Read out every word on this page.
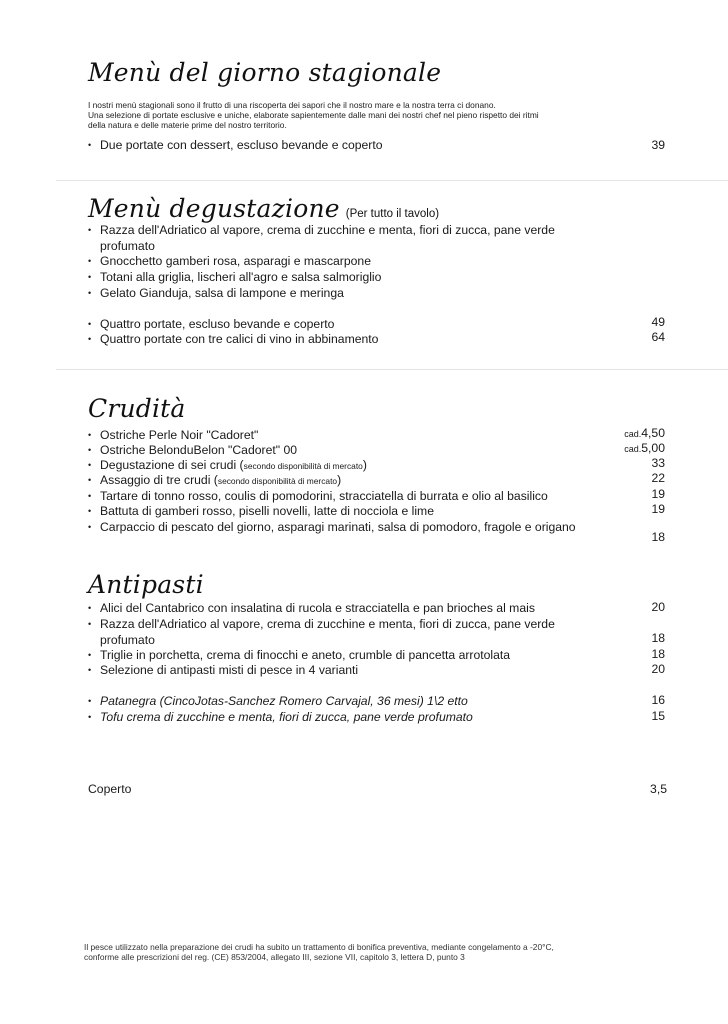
Menù del giorno stagionale
I nostri menù stagionali sono il frutto di una riscoperta dei sapori che il nostro mare e la nostra terra ci donano.
Una selezione di portate esclusive e uniche, elaborate sapientemente dalle mani dei nostri chef nel pieno rispetto dei ritmi
della natura e delle materie prime del nostro territorio.
• Due portate con dessert, escluso bevande e coperto	39
Menù degustazione (Per tutto il tavolo)
• Razza dell'Adriatico al vapore, crema di zucchine e menta, fiori di zucca, pane verde profumato
• Gnocchetto gamberi rosa, asparagi e mascarpone
• Totani alla griglia, lischeri all'agro e salsa salmoriglio
• Gelato Gianduja, salsa di lampone e meringa
• Quattro portate, escluso bevande e coperto
• Quattro portate con tre calici di vino in abbinamento
49
64
Crudità
• Ostriche Perle Noir "Cadoret"
• Ostriche BelonduBelon "Cadoret" 00
• Degustazione di sei crudi (secondo disponibilità di mercato)
• Assaggio di tre crudi (secondo disponibilità di mercato)
• Tartare di tonno rosso, coulis di pomodorini, stracciatella di burrata e olio al basilico
• Battuta di gamberi rosso, piselli novelli, latte di nocciola e lime
• Carpaccio di pescato del giorno, asparagi marinati, salsa di pomodoro, fragole e origano
cad.4,50
cad.5,00
33
22
19
19
18
Antipasti
• Alici del Cantabrico con insalatina di rucola e stracciatella e pan brioches al mais
• Razza dell'Adriatico al vapore, crema di zucchine e menta, fiori di zucca, pane verde profumato
• Triglie in porchetta, crema di finocchi e aneto, crumble di pancetta arrotolata
• Selezione di antipasti misti di pesce in 4 varianti
• Patanegra (CincoJotas-Sanchez Romero Carvajal, 36 mesi) 1\2 etto
• Tofu crema di zucchine e menta, fiori di zucca, pane verde profumato
20
18
18
20
16
15
Coperto	3,5
Il pesce utilizzato nella preparazione dei crudi ha subito un trattamento di bonifica preventiva, mediante congelamento a -20°C,
conforme alle prescrizioni del reg. (CE) 853/2004, allegato III, sezione VII, capitolo 3, lettera D, punto 3
